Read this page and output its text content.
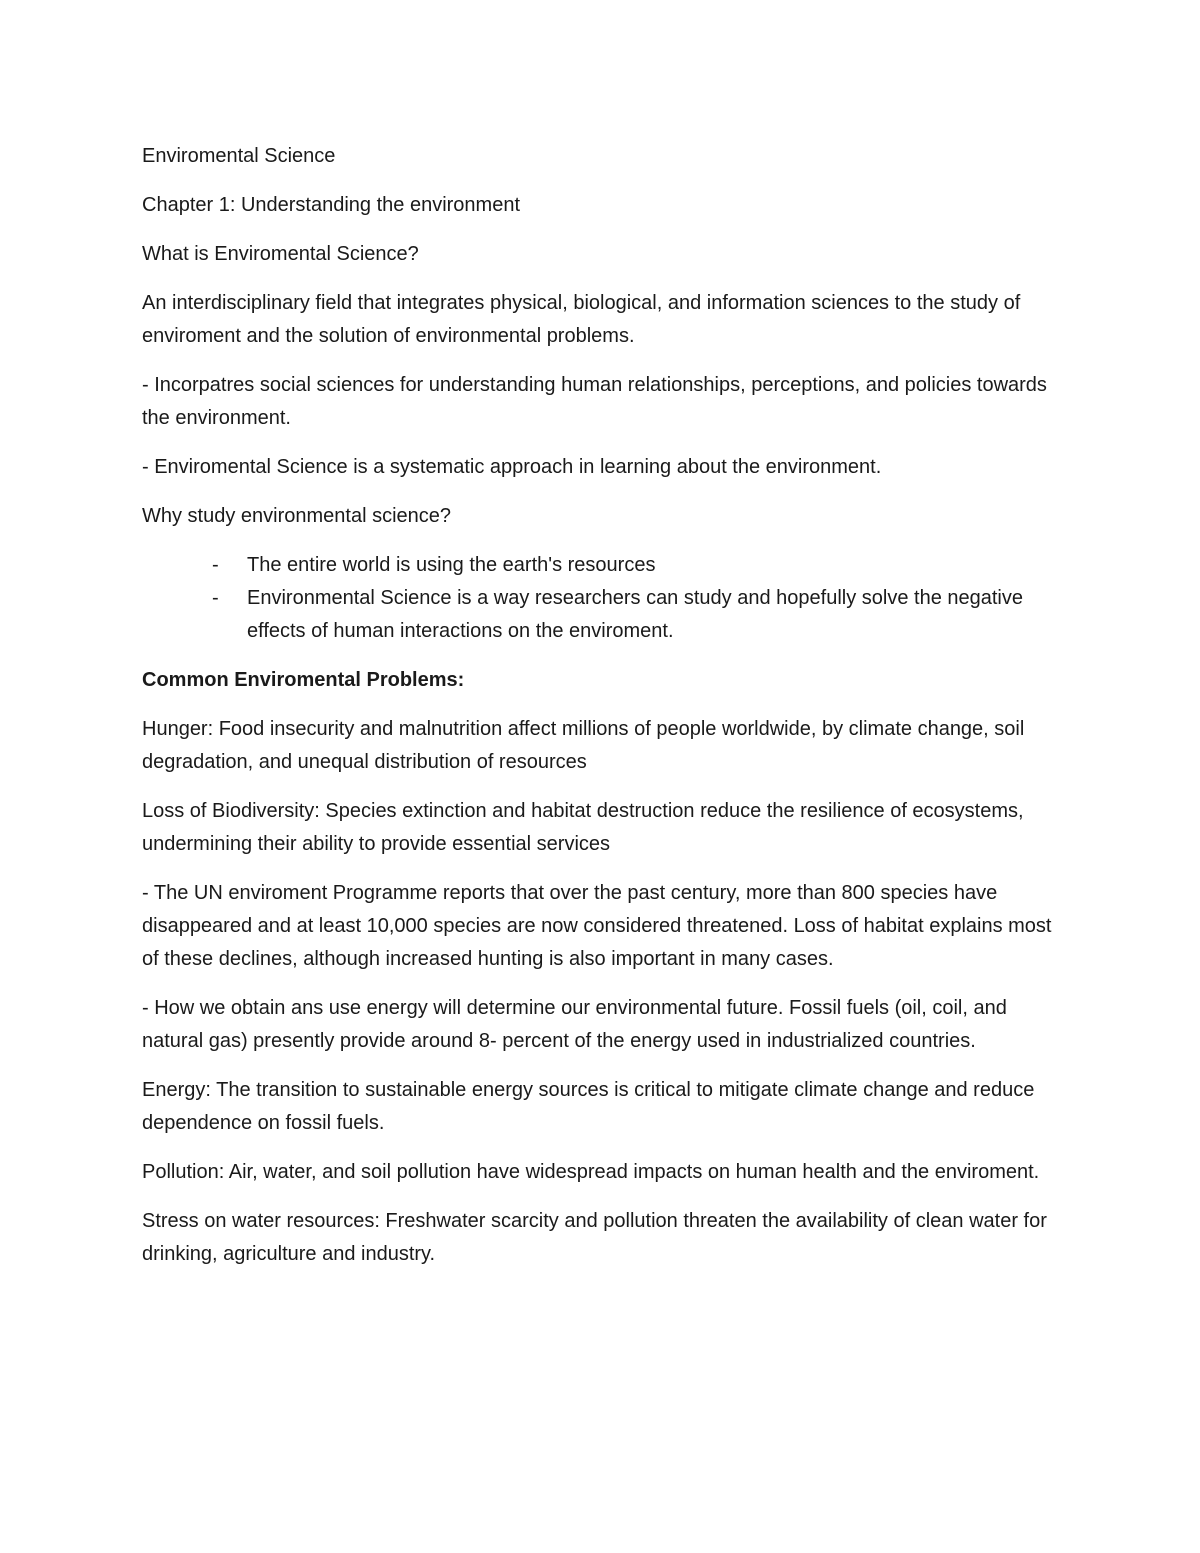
Enviromental Science

Chapter 1: Understanding the environment

What is Enviromental Science?

An interdisciplinary field that integrates physical, biological, and information sciences to the study of enviroment and the solution of environmental problems.

- Incorpatres social sciences for understanding human relationships, perceptions, and policies towards the environment.

- Enviromental Science is a systematic approach in learning about the environment.

Why study environmental science?

- The entire world is using the earth's resources
- Environmental Science is a way researchers can study and hopefully solve the negative effects of human interactions on the enviroment.

Common Enviromental Problems:

Hunger: Food insecurity and malnutrition affect millions of people worldwide, by climate change, soil degradation, and unequal distribution of resources

Loss of Biodiversity: Species extinction and habitat destruction reduce the resilience of ecosystems, undermining their ability to provide essential services

- The UN enviroment Programme reports that over the past century, more than 800 species have disappeared and at least 10,000 species are now considered threatened. Loss of habitat explains most of these declines, although increased hunting is also important in many cases.

- How we obtain ans use energy will determine our environmental future. Fossil fuels (oil, coil, and natural gas) presently provide around 8- percent of the energy used in industrialized countries.

Energy: The transition to sustainable energy sources is critical to mitigate climate change and reduce dependence on fossil fuels.

Pollution: Air, water, and soil pollution have widespread impacts on human health and the enviroment.

Stress on water resources: Freshwater scarcity and pollution threaten the availability of clean water for drinking, agriculture and industry.
